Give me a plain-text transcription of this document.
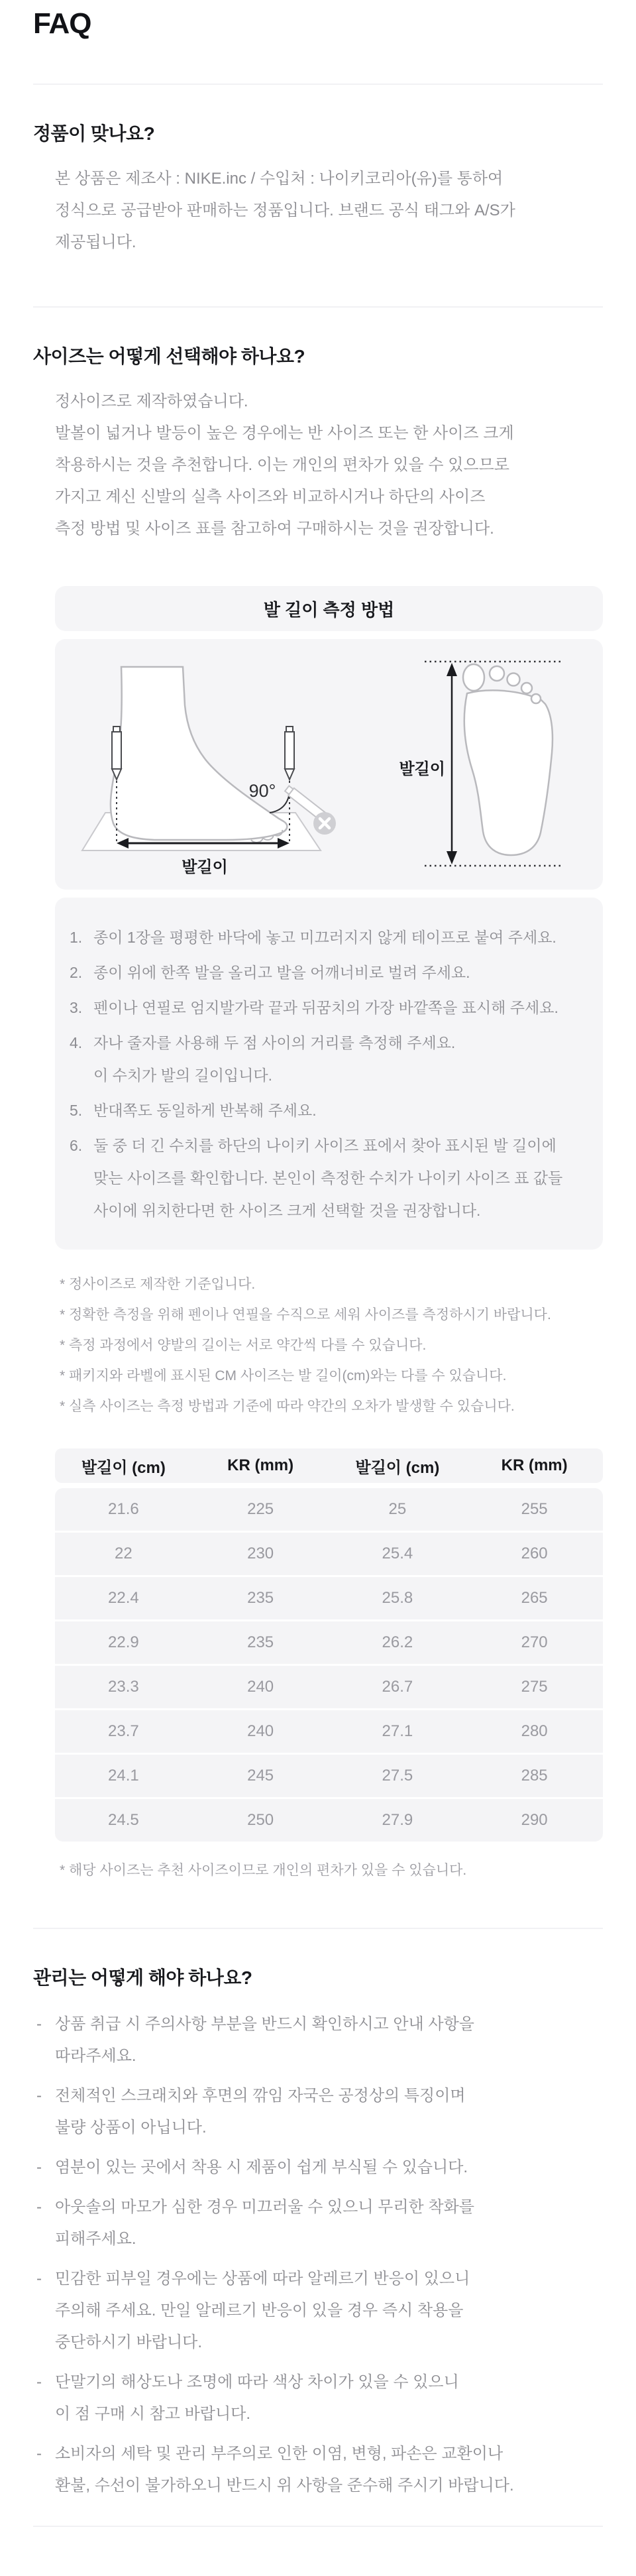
FAQ
정품이 맞나요?
본 상품은 제조사 : NIKE.inc / 수입처 : 나이키코리아(유)를 통하여
정식으로 공급받아 판매하는 정품입니다. 브랜드 공식 태그와 A/S가
제공됩니다.
사이즈는 어떻게 선택해야 하나요?
정사이즈로 제작하였습니다.
발볼이 넓거나 발등이 높은 경우에는 반 사이즈 또는 한 사이즈 크게
착용하시는 것을 추천합니다. 이는 개인의 편차가 있을 수 있으므로
가지고 계신 신발의 실측 사이즈와 비교하시거나 하단의 사이즈
측정 방법 및 사이즈 표를 참고하여 구매하시는 것을 권장합니다.
발 길이 측정 방법
90°
발길이
발길이
1. 종이 1장을 평평한 바닥에 놓고 미끄러지지 않게 테이프로 붙여 주세요.
2. 종이 위에 한쪽 발을 올리고 발을 어깨너비로 벌려 주세요.
3. 펜이나 연필로 엄지발가락 끝과 뒤꿈치의 가장 바깥쪽을 표시해 주세요.
4. 자나 줄자를 사용해 두 점 사이의 거리를 측정해 주세요.
이 수치가 발의 길이입니다.
5. 반대쪽도 동일하게 반복해 주세요.
6. 둘 중 더 긴 수치를 하단의 나이키 사이즈 표에서 찾아 표시된 발 길이에
맞는 사이즈를 확인합니다. 본인이 측정한 수치가 나이키 사이즈 표 값들
사이에 위치한다면 한 사이즈 크게 선택할 것을 권장합니다.
* 정사이즈로 제작한 기준입니다.
* 정확한 측정을 위해 펜이나 연필을 수직으로 세워 사이즈를 측정하시기 바랍니다.
* 측정 과정에서 양발의 길이는 서로 약간씩 다를 수 있습니다.
* 패키지와 라벨에 표시된 CM 사이즈는 발 길이(cm)와는 다를 수 있습니다.
* 실측 사이즈는 측정 방법과 기준에 따라 약간의 오차가 발생할 수 있습니다.
발길이 (cm)	KR (mm)	발길이 (cm)	KR (mm)
21.6	225	25	255
22	230	25.4	260
22.4	235	25.8	265
22.9	235	26.2	270
23.3	240	26.7	275
23.7	240	27.1	280
24.1	245	27.5	285
24.5	250	27.9	290
* 해당 사이즈는 추천 사이즈이므로 개인의 편차가 있을 수 있습니다.
관리는 어떻게 해야 하나요?
- 상품 취급 시 주의사항 부분을 반드시 확인하시고 안내 사항을
따라주세요.
- 전체적인 스크래치와 후면의 깎임 자국은 공정상의 특징이며
불량 상품이 아닙니다.
- 염분이 있는 곳에서 착용 시 제품이 쉽게 부식될 수 있습니다.
- 아웃솔의 마모가 심한 경우 미끄러울 수 있으니 무리한 착화를
피해주세요.
- 민감한 피부일 경우에는 상품에 따라 알레르기 반응이 있으니
주의해 주세요. 만일 알레르기 반응이 있을 경우 즉시 착용을
중단하시기 바랍니다.
- 단말기의 해상도나 조명에 따라 색상 차이가 있을 수 있으니
이 점 구매 시 참고 바랍니다.
- 소비자의 세탁 및 관리 부주의로 인한 이염, 변형, 파손은 교환이나
환불, 수선이 불가하오니 반드시 위 사항을 준수해 주시기 바랍니다.
